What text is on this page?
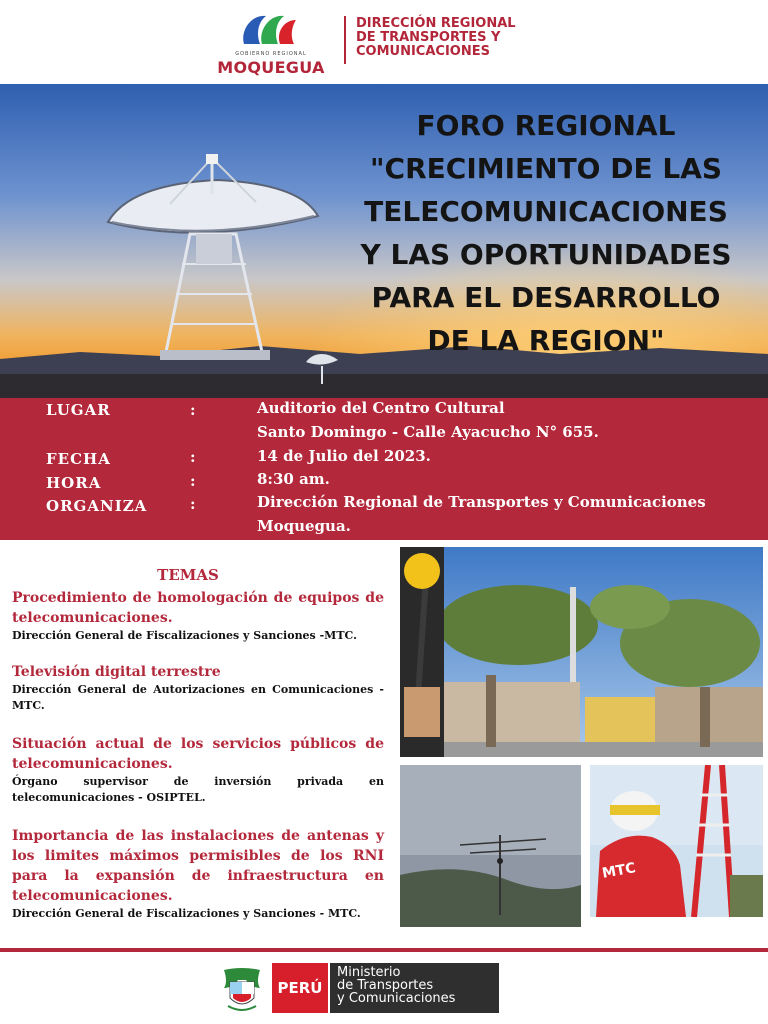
GOBIERNO REGIONAL
MOQUEGUA
DIRECCIÓN REGIONAL
DE TRANSPORTES Y
COMUNICACIONES
FORO REGIONAL
"CRECIMIENTO DE LAS
TELECOMUNICACIONES
Y LAS OPORTUNIDADES
PARA EL DESARROLLO
DE LA REGION"
LUGAR	:	Auditorio del Centro Cultural
Santo Domingo - Calle Ayacucho N° 655.
FECHA	:	14 de Julio del 2023.
HORA	:	8:30 am.
ORGANIZA	:	Dirección Regional de Transportes y Comunicaciones
Moquegua.
TEMAS
Procedimiento de homologación de equipos de telecomunicaciones.
Dirección General de Fiscalizaciones y Sanciones -MTC.
Televisión digital terrestre
Dirección General de Autorizaciones en Comunicaciones - MTC.
Situación actual de los servicios públicos de telecomunicaciones.
Órgano supervisor de inversión privada en telecomunicaciones - OSIPTEL.
Importancia de las instalaciones de antenas y los limites máximos permisibles de los RNI para la expansión de infraestructura en telecomunicaciones.
Dirección General de Fiscalizaciones y Sanciones - MTC.
MTC
PERÚ
Ministerio
de Transportes
y Comunicaciones
